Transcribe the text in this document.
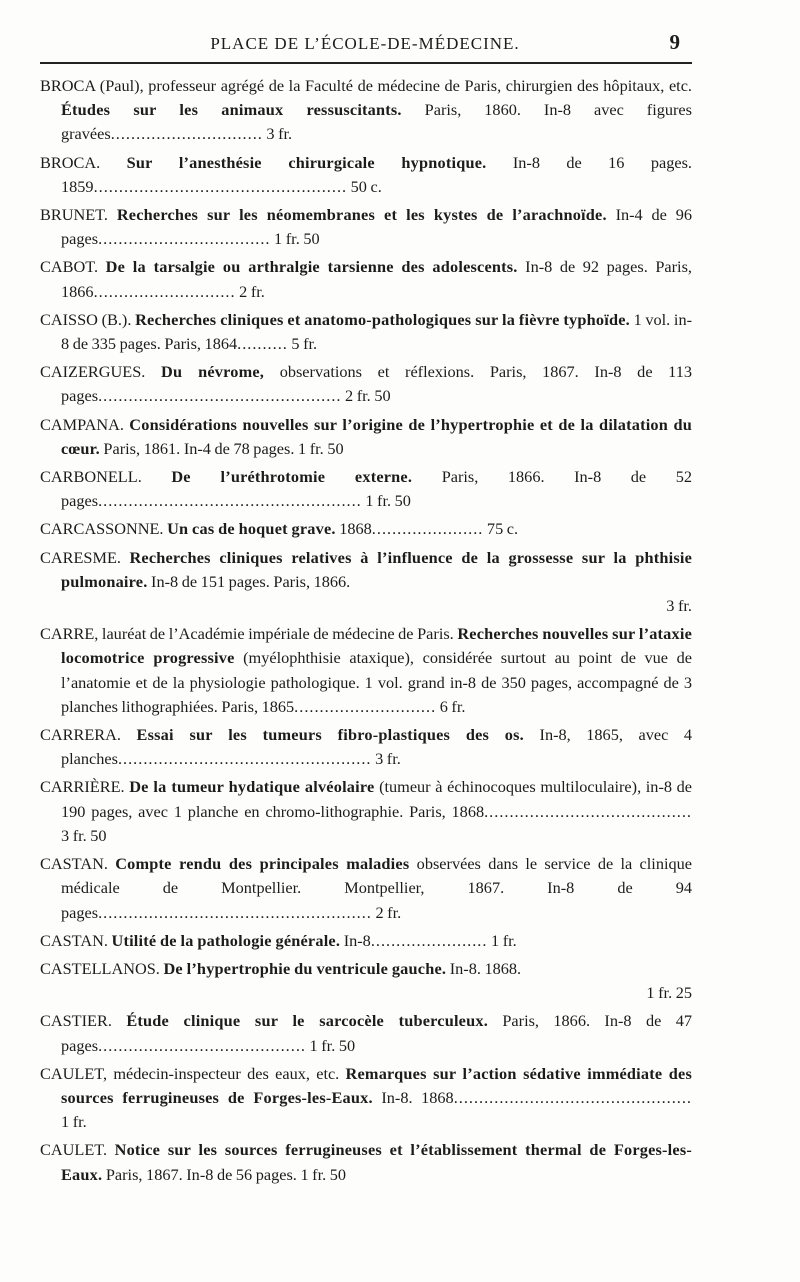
PLACE DE L’ÉCOLE-DE-MÉDECINE.	9

BROCA (Paul), professeur agrégé de la Faculté de médecine de Paris, chirurgien des hôpitaux, etc. Études sur les animaux ressuscitants. Paris, 1860. In-8 avec figures gravées.............................. 3 fr.

BROCA. Sur l’anesthésie chirurgicale hypnotique. In-8 de 16 pages. 1859.................................................. 50 c.

BRUNET. Recherches sur les néomembranes et les kystes de l’arachnoïde. In-4 de 96 pages.................................. 1 fr. 50

CABOT. De la tarsalgie ou arthralgie tarsienne des adolescents. In-8 de 92 pages. Paris, 1866............................ 2 fr.

CAISSO (B.). Recherches cliniques et anatomo-pathologiques sur la fièvre typhoïde. 1 vol. in-8 de 335 pages. Paris, 1864.......... 5 fr.

CAIZERGUES. Du névrome, observations et réflexions. Paris, 1867. In-8 de 113 pages................................................ 2 fr. 50

CAMPANA. Considérations nouvelles sur l’origine de l’hypertrophie et de la dilatation du cœur. Paris, 1861. In-4 de 78 pages. 1 fr. 50

CARBONELL. De l’uréthrotomie externe. Paris, 1866. In-8 de 52 pages.................................................... 1 fr. 50

CARCASSONNE. Un cas de hoquet grave. 1868...................... 75 c.

CARESME. Recherches cliniques relatives à l’influence de la grossesse sur la phthisie pulmonaire. In-8 de 151 pages. Paris, 1866.
3 fr.

CARRE, lauréat de l’Académie impériale de médecine de Paris. Recherches nouvelles sur l’ataxie locomotrice progressive (myélophthisie ataxique), considérée surtout au point de vue de l’anatomie et de la physiologie pathologique. 1 vol. grand in-8 de 350 pages, accompagné de 3 planches lithographiées. Paris, 1865............................ 6 fr.

CARRERA. Essai sur les tumeurs fibro-plastiques des os. In-8, 1865, avec 4 planches.................................................. 3 fr.

CARRIÈRE. De la tumeur hydatique alvéolaire (tumeur à échinocoques multiloculaire), in-8 de 190 pages, avec 1 planche en chromo-lithographie. Paris, 1868......................................... 3 fr. 50

CASTAN. Compte rendu des principales maladies observées dans le service de la clinique médicale de Montpellier. Montpellier, 1867. In-8 de 94 pages...................................................... 2 fr.

CASTAN. Utilité de la pathologie générale. In-8....................... 1 fr.

CASTELLANOS. De l’hypertrophie du ventricule gauche. In-8. 1868.
1 fr. 25

CASTIER. Étude clinique sur le sarcocèle tuberculeux. Paris, 1866. In-8 de 47 pages......................................... 1 fr. 50

CAULET, médecin-inspecteur des eaux, etc. Remarques sur l’action sédative immédiate des sources ferrugineuses de Forges-les-Eaux. In-8. 1868............................................... 1 fr.

CAULET. Notice sur les sources ferrugineuses et l’établissement thermal de Forges-les-Eaux. Paris, 1867. In-8 de 56 pages. 1 fr. 50
